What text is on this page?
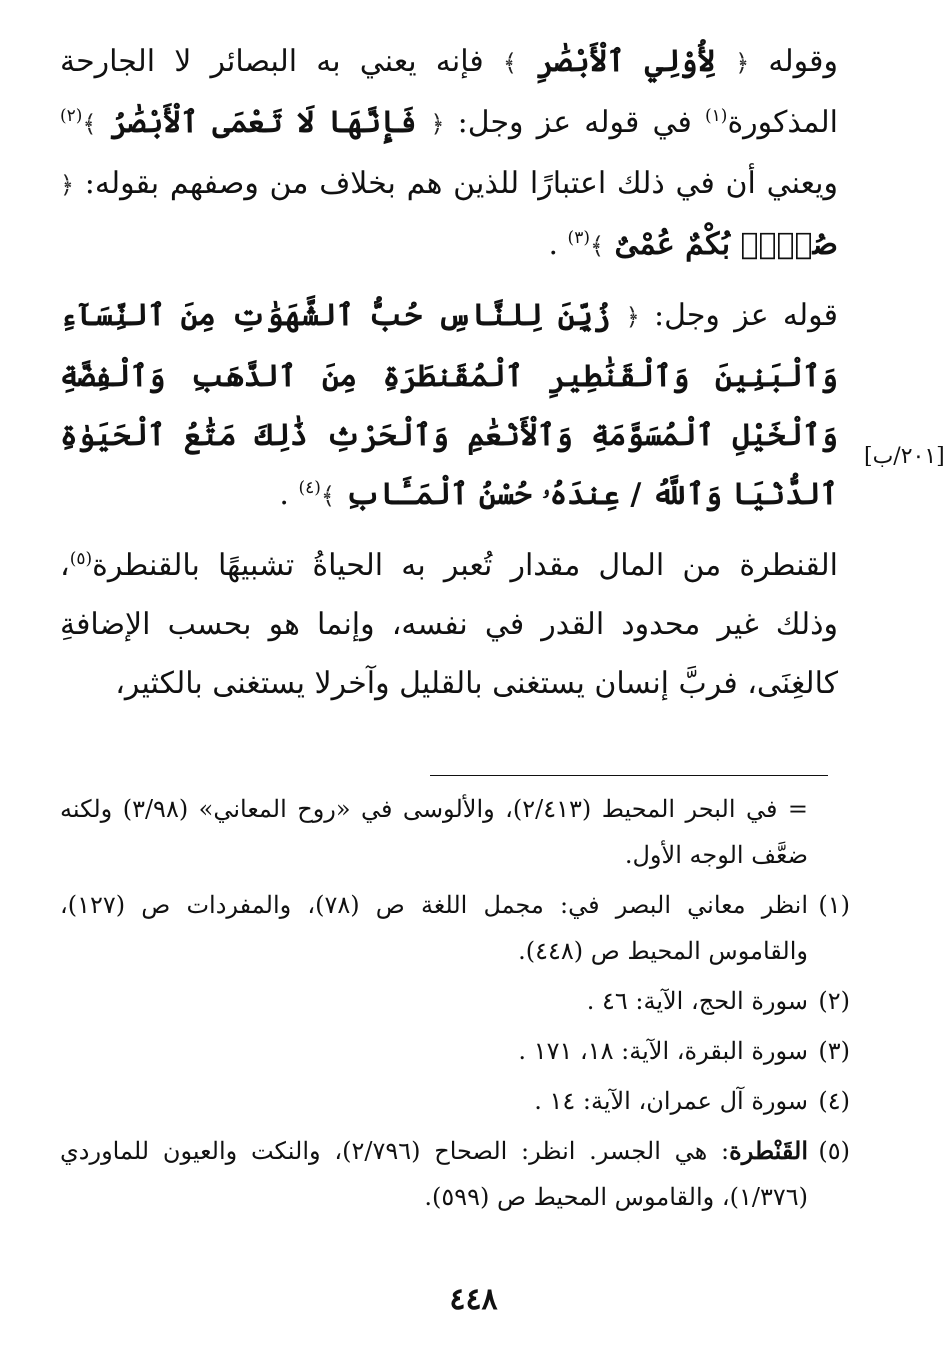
وقوله ﴿ لِأُوْلِي ٱلْأَبْصَٰرِ ﴾ فإنه يعني به البصائر لا الجارحة المذكورة$^{(١)}$ في قوله عز وجل: ﴿ فَإِنَّهَا لَا تَعْمَى ٱلْأَبْصَٰرُ ﴾$^{(٢)}$ ويعني أن في ذلك اعتبارًا للذين هم بخلاف من وصفهم بقوله: ﴿ صُمٌّۢ بُكْمٌ عُمْىٌ ﴾$^{(٣)}$ .

قوله عز وجل: ﴿ زُيِّنَ لِلنَّاسِ حُبُّ ٱلشَّهَوَٰتِ مِنَ ٱلنِّسَآءِ وَٱلْبَنِينَ وَٱلْقَنَٰطِيرِ ٱلْمُقَنطَرَةِ مِنَ ٱلذَّهَبِ وَٱلْفِضَّةِ وَٱلْخَيْلِ ٱلْمُسَوَّمَةِ وَٱلْأَنْعَٰمِ وَٱلْحَرْثِ ذَٰلِكَ مَتَٰعُ ٱلْحَيَوٰةِ ٱلدُّنْيَا وَٱللَّهُ / عِندَهُۥ حُسْنُ ٱلْمَـَٔابِ ﴾$^{(٤)}$ .

القنطرة من المال مقدار تُعبر به الحياةُ تشبيهًا بالقنطرة$^{(٥)}$، وذلك غير محدود القدر في نفسه، وإنما هو بحسب الإضافةِ كالغِنَى، فربَّ إنسان يستغنى بالقليل وآخرلا يستغنى بالكثير،

[٢٠١/ب]

= في البحر المحيط (٢/٤١٣)، والألوسى في «روح المعاني» (٣/٩٨) ولكنه ضعَّف الوجه الأول.

(١)
انظر معاني البصر في: مجمل اللغة ص (٧٨)، والمفردات ص (١٢٧)، والقاموس المحيط ص (٤٤٨).

(٢)
سورة الحج، الآية: ٤٦ .

(٣)
سورة البقرة، الآية: ١٨، ١٧١ .

(٤)
سورة آل عمران، الآية: ١٤ .

(٥)
القَنْطرة: هي الجسر. انظر: الصحاح (٢/٧٩٦)، والنكت والعيون للماوردي (١/٣٧٦)، والقاموس المحيط ص (٥٩٩).

٤٤٨
